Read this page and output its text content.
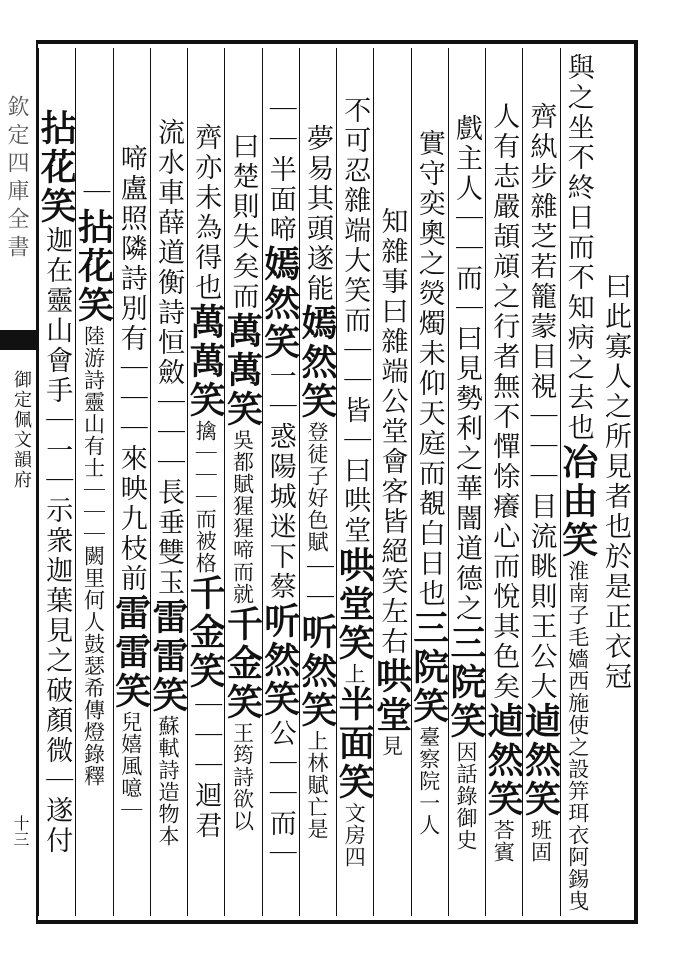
欽定四庫全書
御定佩文韻府
十三
曰此寡人之所見者也於是正衣冠
與之坐不終日而不知病之去也冶由笑淮南子毛嬙西施使之設笄珥衣阿錫曳
齊紈步雜芝若籠蒙目視｜｜｜目流眺則王公大逌然笑班固
人有志嚴頡頏之行者無不憚悇癢心而悅其色矣逌然笑荅賓
戲主人｜｜而｜曰見勢利之華闇道德之三院笑因話錄御史
實守奕奧之熒燭未仰天庭而覩白日也三院笑臺察院一人
知雜事曰雜端公堂會客皆絕笑左右哄堂見
不可忍雜端大笑而｜｜皆｜曰哄堂哄堂笑上半面笑文房四
夢易其頭遂能嫣然笑登徒子好色賦｜｜听然笑上林賦亡是
｜｜半面啼嫣然笑一｜惑陽城迷下蔡听然笑公｜｜而｜
曰楚則失矣而萬萬笑吳都賦猩猩啼而就千金笑王筠詩欲以
齊亦未為得也萬萬笑擒｜｜｜而被格千金笑｜｜｜迴君
流水車薛道衡詩恒斂｜｜｜長垂雙玉雷雷笑蘇軾詩造物本
啼盧照隣詩別有｜｜｜來映九枝前雷雷笑兒嬉風噫｜
｜拈花笑陸游詩靈山有士｜｜｜闕里何人鼓瑟希傳燈錄釋
拈花笑迦在靈山會手｜一｜示衆迦葉見之破顏微｜遂付
